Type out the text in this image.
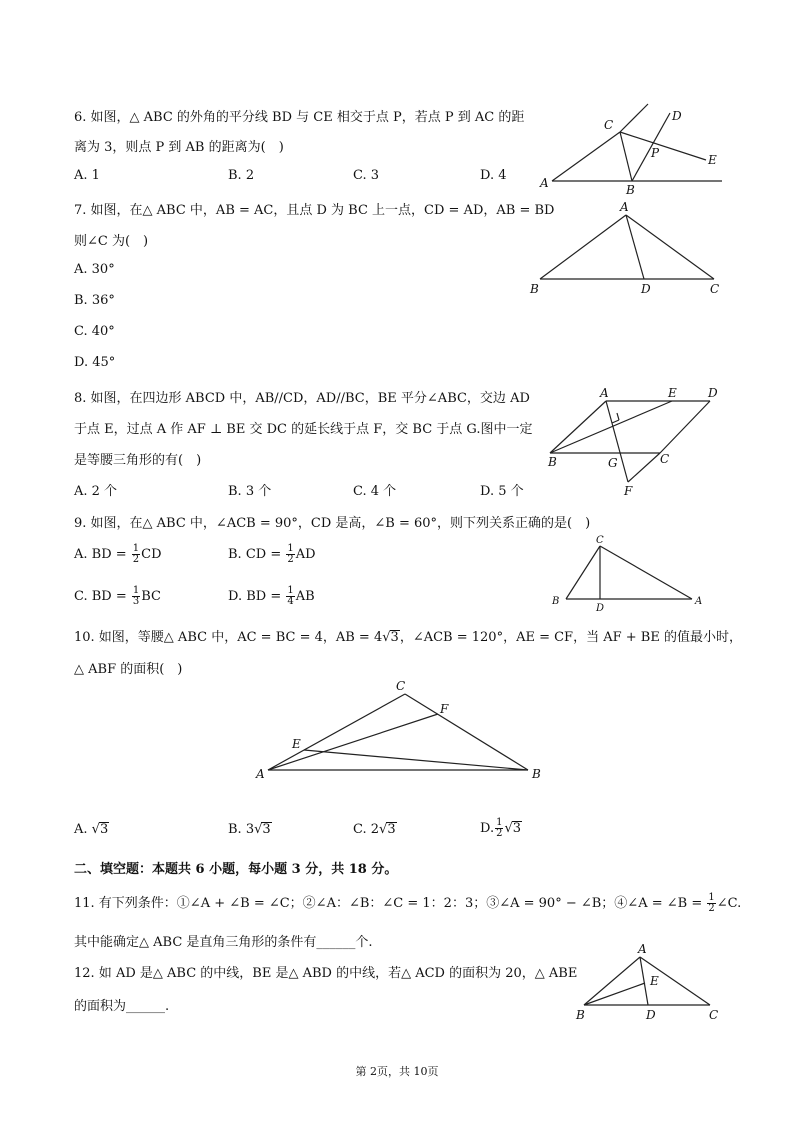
6. 如图，△ ABC 的外角的平分线 BD 与 CE 相交于点 P，若点 P 到 AC 的距
离为 3，则点 P 到 AB 的距离为(　)
A. 1	B. 2	C. 3	D. 4
C
D
P	E
A	B
7. 如图，在△ ABC 中，AB = AC，且点 D 为 BC 上一点，CD = AD，AB = BD
则∠C 为(　)
A. 30°
B. 36°
C. 40°
D. 45°
A
B	D	C
8. 如图，在四边形 ABCD 中，AB//CD，AD//BC，BE 平分∠ABC，交边 AD
于点 E，过点 A 作 AF ⊥ BE 交 DC 的延长线于点 F，交 BC 于点 G.图中一定
是等腰三角形的有(　)
A. 2 个	B. 3 个	C. 4 个	D. 5 个
A	E	D
B	G	C
F
9. 如图，在△ ABC 中，∠ACB = 90°，CD 是高，∠B = 60°，则下列关系正确的是(　)
A. BD = $\frac{1}{2}$ CD	B. CD = $\frac{1}{2}$ AD
C. BD = $\frac{1}{3}$ BC	D. BD = $\frac{1}{4}$ AB
C
B
D
A
10. 如图，等腰△ ABC 中，AC = BC = 4，AB = 4√3，∠ACB = 120°，AE = CF，当 AF + BE 的值最小时，
△ ABF 的面积(　)
C
F
E
A	B
A. √3	B. 3√3	C. 2√3	D. $\frac{1}{2} √3$
二、填空题：本题共 6 小题，每小题 3 分，共 18 分。
11. 有下列条件：①∠A + ∠B = ∠C；②∠A：∠B：∠C = 1：2：3；③∠A = 90° − ∠B；④∠A = ∠B = $\frac{1}{2}$ ∠C.
其中能确定△ ABC 是直角三角形的条件有______个.
12. 如 AD 是△ ABC 的中线，BE 是△ ABD 的中线，若△ ACD 的面积为 20，△ ABE
的面积为______.
A
E
B	D	C
第 2页，共 10页
